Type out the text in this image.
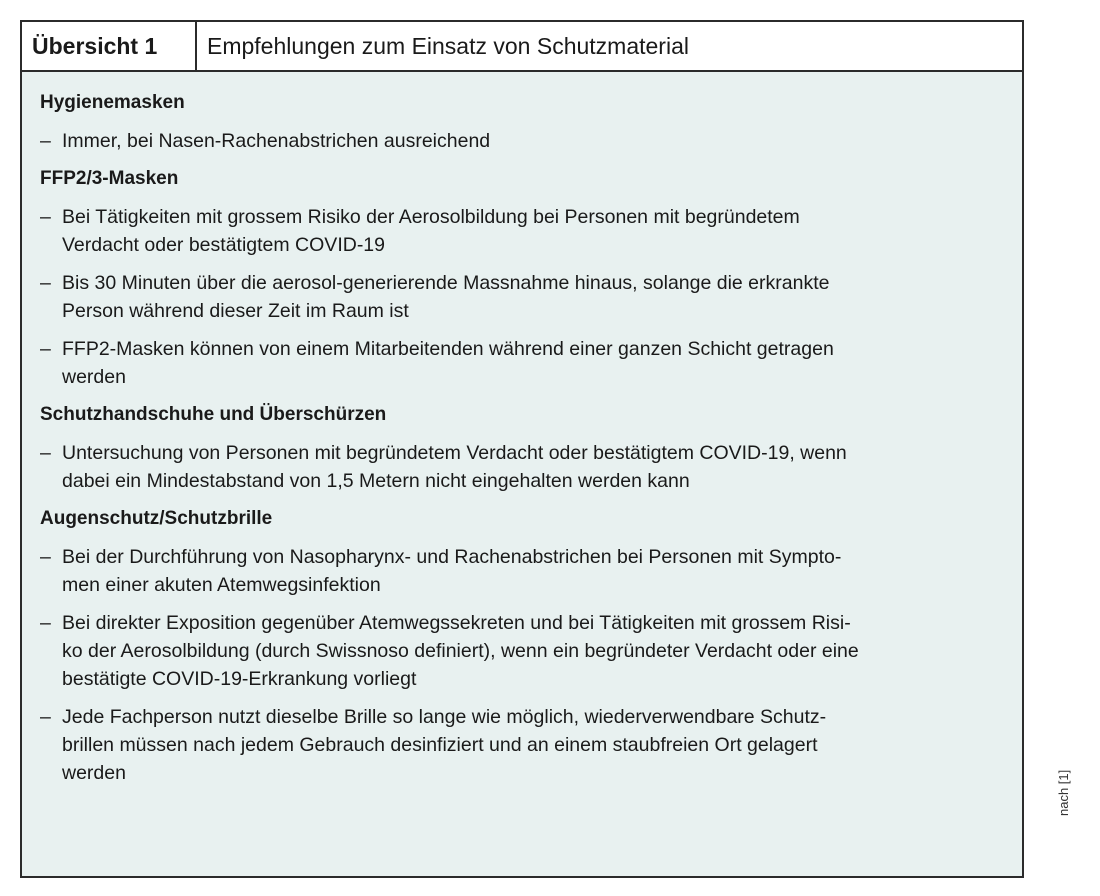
Übersicht 1	Empfehlungen zum Einsatz von Schutzmaterial
Hygienemasken
– Immer, bei Nasen-Rachenabstrichen ausreichend
FFP2/3-Masken
– Bei Tätigkeiten mit grossem Risiko der Aerosolbildung bei Personen mit begründetem
Verdacht oder bestätigtem COVID-19
– Bis 30 Minuten über die aerosol-generierende Massnahme hinaus, solange die erkrankte
Person während dieser Zeit im Raum ist
– FFP2-Masken können von einem Mitarbeitenden während einer ganzen Schicht getragen
werden
Schutzhandschuhe und Überschürzen
– Untersuchung von Personen mit begründetem Verdacht oder bestätigtem COVID-19, wenn
dabei ein Mindestabstand von 1,5 Metern nicht eingehalten werden kann
Augenschutz/Schutzbrille
– Bei der Durchführung von Nasopharynx- und Rachenabstrichen bei Personen mit Sympto-
men einer akuten Atemwegsinfektion
– Bei direkter Exposition gegenüber Atemwegssekreten und bei Tätigkeiten mit grossem Risi-
ko der Aerosolbildung (durch Swissnoso definiert), wenn ein begründeter Verdacht oder eine
bestätigte COVID-19-Erkrankung vorliegt
– Jede Fachperson nutzt dieselbe Brille so lange wie möglich, wiederverwendbare Schutz-
brillen müssen nach jedem Gebrauch desinfiziert und an einem staubfreien Ort gelagert
werden	nach [1]
